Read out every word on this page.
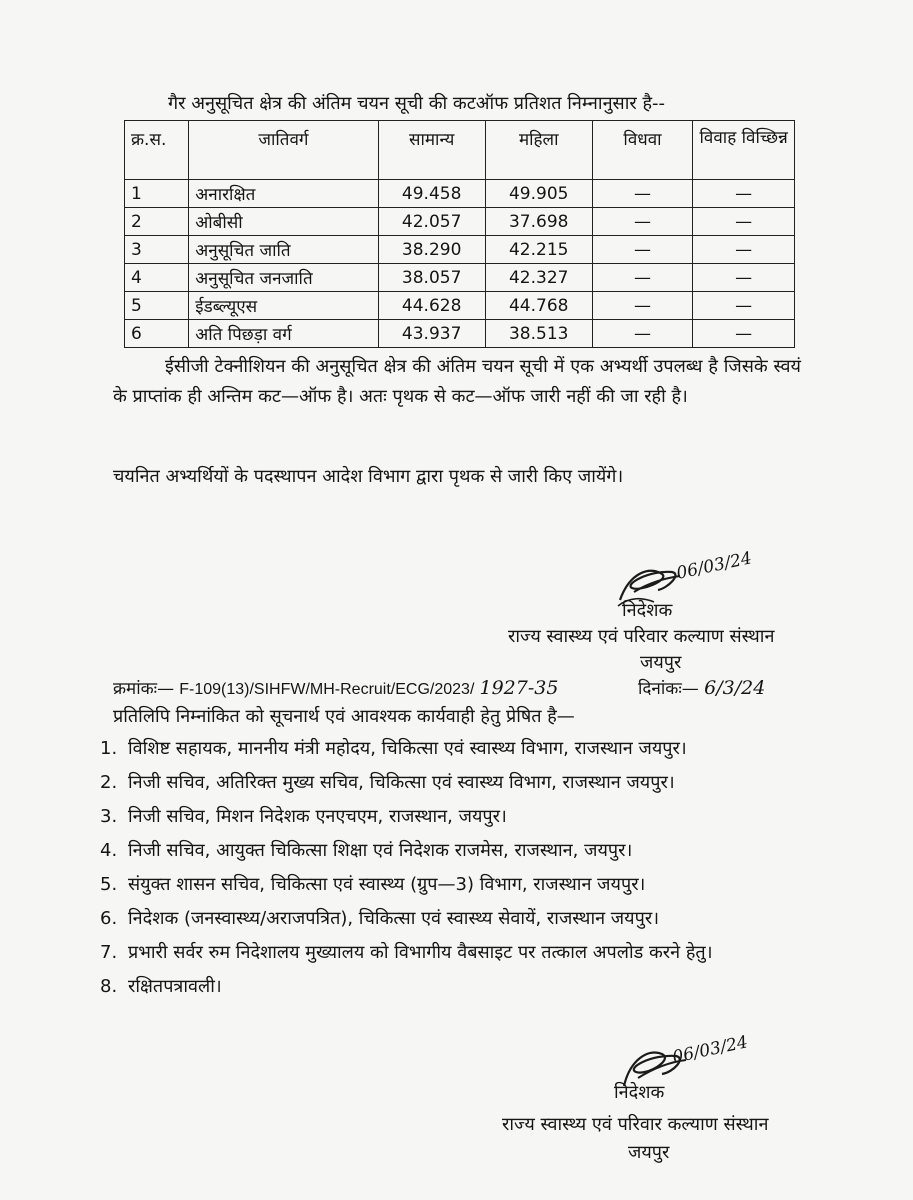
गैर अनुसूचित क्षेत्र की अंतिम चयन सूची की कटऑफ प्रतिशत निम्नानुसार है--
क्र.स.	जातिवर्ग	सामान्य	महिला	विधवा	विवाह विच्छिन्न
1	अनारक्षित	49.458	49.905	—	—
2	ओबीसी	42.057	37.698	—	—
3	अनुसूचित जाति	38.290	42.215	—	—
4	अनुसूचित जनजाति	38.057	42.327	—	—
5	ईडब्ल्यूएस	44.628	44.768	—	—
6	अति पिछड़ा वर्ग	43.937	38.513	—	—
ईसीजी टेक्नीशियन की अनुसूचित क्षेत्र की अंतिम चयन सूची में एक अभ्यर्थी उपलब्ध है जिसके स्वयं के प्राप्तांक ही अन्तिम कट—ऑफ है। अतः पृथक से कट—ऑफ जारी नहीं की जा रही है।
चयनित अभ्यर्थियों के पदस्थापन आदेश विभाग द्वारा पृथक से जारी किए जायेंगे।
06/03/24
निदेशक
राज्य स्वास्थ्य एवं परिवार कल्याण संस्थान
जयपुर
क्रमांकः— F-109(13)/SIHFW/MH-Recruit/ECG/2023/ 1927-35	दिनांकः— 6/3/24
प्रतिलिपि निम्नांकित को सूचनार्थ एवं आवश्यक कार्यवाही हेतु प्रेषित है—
1. विशिष्ट सहायक, माननीय मंत्री महोदय, चिकित्सा एवं स्वास्थ्य विभाग, राजस्थान जयपुर।
2. निजी सचिव, अतिरिक्त मुख्य सचिव, चिकित्सा एवं स्वास्थ्य विभाग, राजस्थान जयपुर।
3. निजी सचिव, मिशन निदेशक एनएचएम, राजस्थान, जयपुर।
4. निजी सचिव, आयुक्त चिकित्सा शिक्षा एवं निदेशक राजमेस, राजस्थान, जयपुर।
5. संयुक्त शासन सचिव, चिकित्सा एवं स्वास्थ्य (ग्रुप—3) विभाग, राजस्थान जयपुर।
6. निदेशक (जनस्वास्थ्य/अराजपत्रित), चिकित्सा एवं स्वास्थ्य सेवायें, राजस्थान जयपुर।
7. प्रभारी सर्वर रुम निदेशालय मुख्यालय को विभागीय वैबसाइट पर तत्काल अपलोड करने हेतु।
8. रक्षितपत्रावली।
06/03/24
निदेशक
राज्य स्वास्थ्य एवं परिवार कल्याण संस्थान
जयपुर
